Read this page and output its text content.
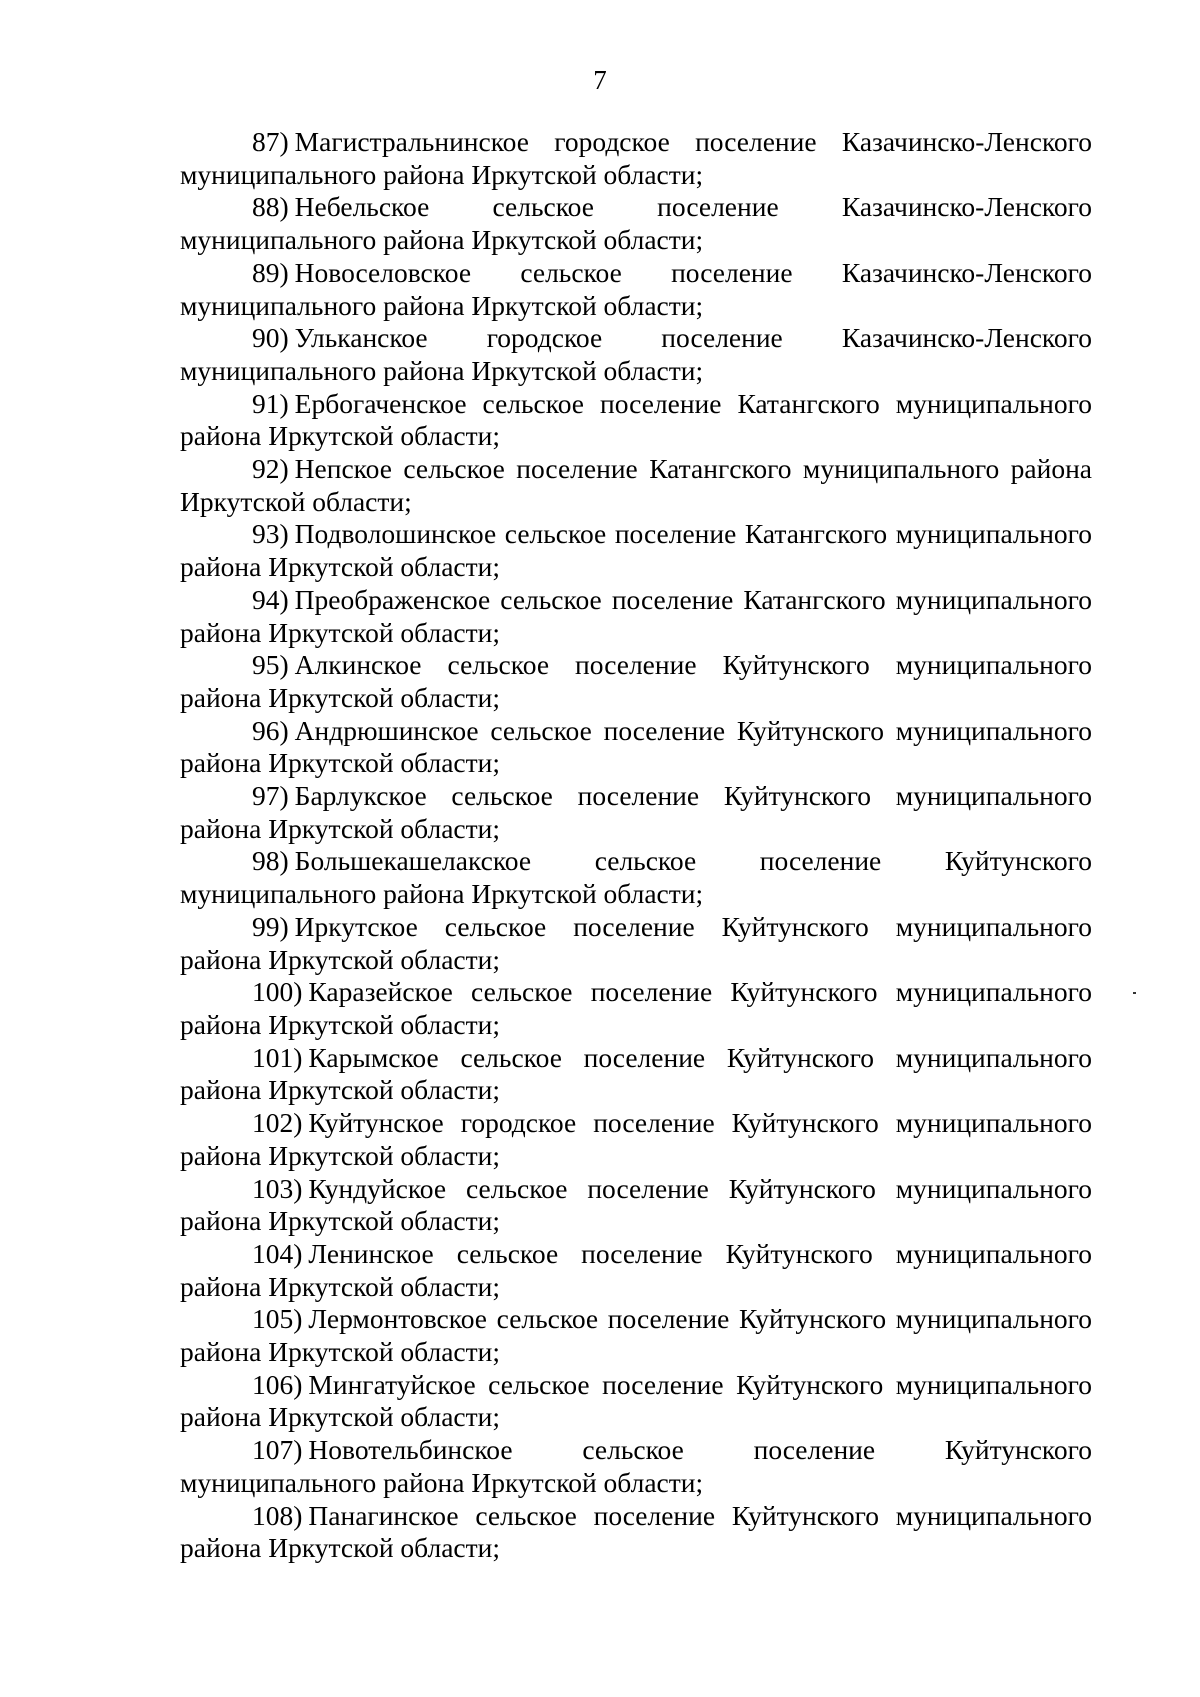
7

87) Магистральнинское городское поселение Казачинско-Ленского муниципального района Иркутской области;

88) Небельское сельское поселение Казачинско-Ленского муниципального района Иркутской области;

89) Новоселовское сельское поселение Казачинско-Ленского муниципального района Иркутской области;

90) Ульканское городское поселение Казачинско-Ленского муниципального района Иркутской области;

91) Ербогаченское сельское поселение Катангского муниципального района Иркутской области;

92) Непское сельское поселение Катангского муниципального района Иркутской области;

93) Подволошинское сельское поселение Катангского муниципального района Иркутской области;

94) Преображенское сельское поселение Катангского муниципального района Иркутской области;

95) Алкинское сельское поселение Куйтунского муниципального района Иркутской области;

96) Андрюшинское сельское поселение Куйтунского муниципального района Иркутской области;

97) Барлукское сельское поселение Куйтунского муниципального района Иркутской области;

98) Большекашелакское сельское поселение Куйтунского муниципального района Иркутской области;

99) Иркутское сельское поселение Куйтунского муниципального района Иркутской области;

100) Каразейское сельское поселение Куйтунского муниципального района Иркутской области;

101) Карымское сельское поселение Куйтунского муниципального района Иркутской области;

102) Куйтунское городское поселение Куйтунского муниципального района Иркутской области;

103) Кундуйское сельское поселение Куйтунского муниципального района Иркутской области;

104) Ленинское сельское поселение Куйтунского муниципального района Иркутской области;

105) Лермонтовское сельское поселение Куйтунского муниципального района Иркутской области;

106) Мингатуйское сельское поселение Куйтунского муниципального района Иркутской области;

107) Новотельбинское сельское поселение Куйтунского муниципального района Иркутской области;

108) Панагинское сельское поселение Куйтунского муниципального района Иркутской области;
